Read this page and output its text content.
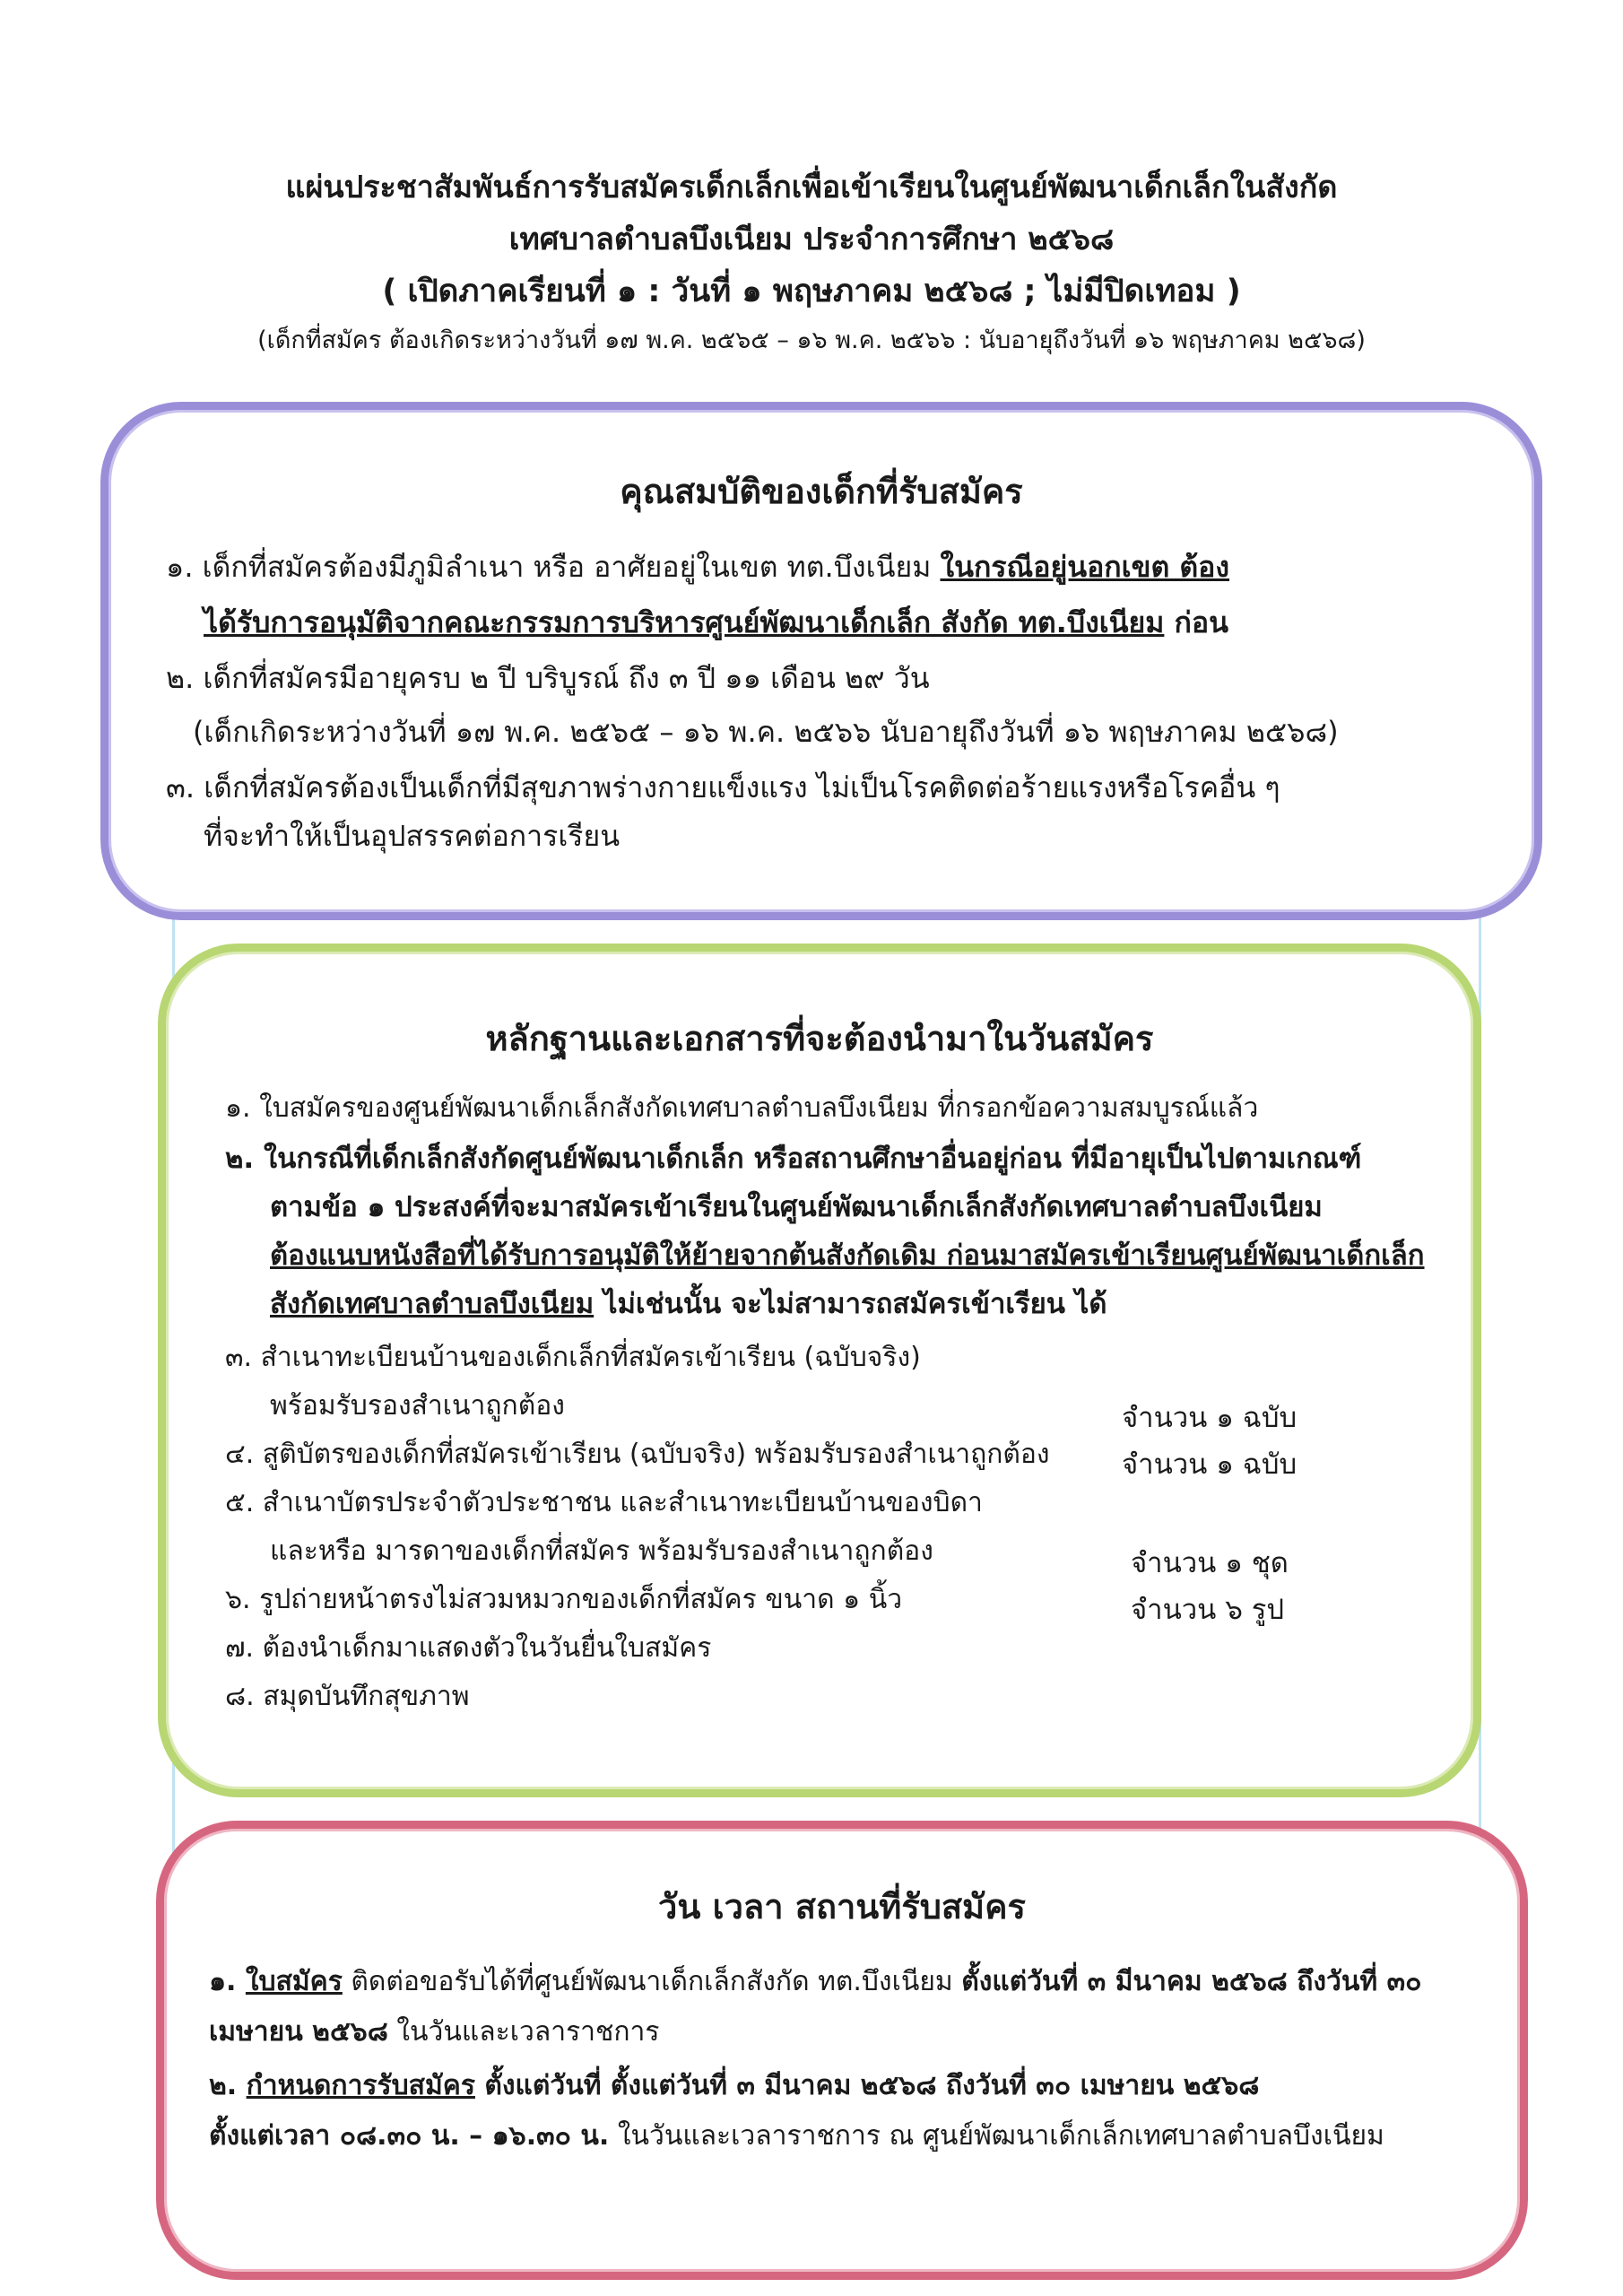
แผ่นประชาสัมพันธ์การรับสมัครเด็กเล็กเพื่อเข้าเรียนในศูนย์พัฒนาเด็กเล็กในสังกัด
เทศบาลตำบลบึงเนียม ประจำการศึกษา ๒๕๖๘
( เปิดภาคเรียนที่ ๑ : วันที่ ๑ พฤษภาคม ๒๕๖๘ ; ไม่มีปิดเทอม )
(เด็กที่สมัคร ต้องเกิดระหว่างวันที่ ๑๗ พ.ค. ๒๕๖๕ – ๑๖ พ.ค. ๒๕๖๖ : นับอายุถึงวันที่ ๑๖ พฤษภาคม ๒๕๖๘)
คุณสมบัติของเด็กที่รับสมัคร
๑. เด็กที่สมัครต้องมีภูมิลำเนา หรือ อาศัยอยู่ในเขต ทต.บึงเนียม ในกรณีอยู่นอกเขต ต้อง
ได้รับการอนุมัติจากคณะกรรมการบริหารศูนย์พัฒนาเด็กเล็ก สังกัด ทต.บึงเนียม ก่อน
๒. เด็กที่สมัครมีอายุครบ ๒ ปี บริบูรณ์ ถึง ๓ ปี ๑๑ เดือน ๒๙ วัน
(เด็กเกิดระหว่างวันที่ ๑๗ พ.ค. ๒๕๖๕ – ๑๖ พ.ค. ๒๕๖๖ นับอายุถึงวันที่ ๑๖ พฤษภาคม ๒๕๖๘)
๓. เด็กที่สมัครต้องเป็นเด็กที่มีสุขภาพร่างกายแข็งแรง ไม่เป็นโรคติดต่อร้ายแรงหรือโรคอื่น ๆ
ที่จะทำให้เป็นอุปสรรคต่อการเรียน
หลักฐานและเอกสารที่จะต้องนำมาในวันสมัคร
๑. ใบสมัครของศูนย์พัฒนาเด็กเล็กสังกัดเทศบาลตำบลบึงเนียม ที่กรอกข้อความสมบูรณ์แล้ว
๒. ในกรณีที่เด็กเล็กสังกัดศูนย์พัฒนาเด็กเล็ก หรือสถานศึกษาอื่นอยู่ก่อน ที่มีอายุเป็นไปตามเกณฑ์
ตามข้อ ๑ ประสงค์ที่จะมาสมัครเข้าเรียนในศูนย์พัฒนาเด็กเล็กสังกัดเทศบาลตำบลบึงเนียม
ต้องแนบหนังสือที่ได้รับการอนุมัติให้ย้ายจากต้นสังกัดเดิม ก่อนมาสมัครเข้าเรียนศูนย์พัฒนาเด็กเล็ก
สังกัดเทศบาลตำบลบึงเนียม ไม่เช่นนั้น จะไม่สามารถสมัครเข้าเรียน ได้
๓. สำเนาทะเบียนบ้านของเด็กเล็กที่สมัครเข้าเรียน (ฉบับจริง)
พร้อมรับรองสำเนาถูกต้อง	จำนวน ๑ ฉบับ
๔. สูติบัตรของเด็กที่สมัครเข้าเรียน (ฉบับจริง) พร้อมรับรองสำเนาถูกต้อง	จำนวน ๑ ฉบับ
๕. สำเนาบัตรประจำตัวประชาชน และสำเนาทะเบียนบ้านของบิดา
และหรือ มารดาของเด็กที่สมัคร พร้อมรับรองสำเนาถูกต้อง	จำนวน ๑ ชุด
๖. รูปถ่ายหน้าตรงไม่สวมหมวกของเด็กที่สมัคร ขนาด ๑ นิ้ว	จำนวน ๖ รูป
๗. ต้องนำเด็กมาแสดงตัวในวันยื่นใบสมัคร
๘. สมุดบันทึกสุขภาพ
วัน เวลา สถานที่รับสมัคร
๑. ใบสมัคร ติดต่อขอรับได้ที่ศูนย์พัฒนาเด็กเล็กสังกัด ทต.บึงเนียม ตั้งแต่วันที่ ๓ มีนาคม ๒๕๖๘ ถึงวันที่ ๓๐
เมษายน ๒๕๖๘ ในวันและเวลาราชการ
๒. กำหนดการรับสมัคร ตั้งแต่วันที่ ตั้งแต่วันที่ ๓ มีนาคม ๒๕๖๘ ถึงวันที่ ๓๐ เมษายน ๒๕๖๘
ตั้งแต่เวลา ๐๘.๓๐ น. – ๑๖.๓๐ น. ในวันและเวลาราชการ ณ ศูนย์พัฒนาเด็กเล็กเทศบาลตำบลบึงเนียม
